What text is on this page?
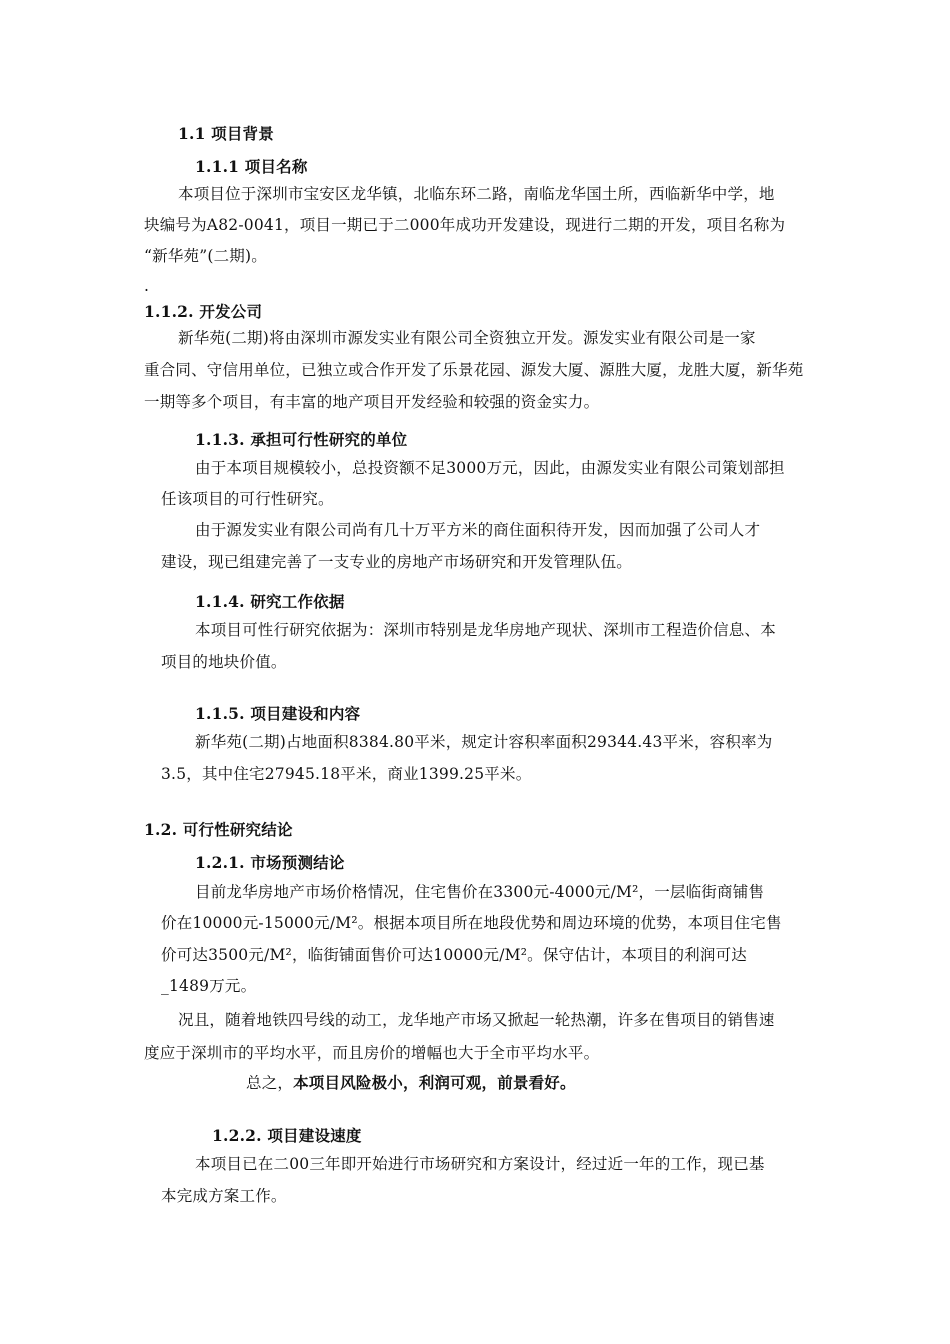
1.1 项目背景
1.1.1 项目名称
本项目位于深圳市宝安区龙华镇，北临东环二路，南临龙华国土所，西临新华中学，地
块编号为A82-0041，项目一期已于二000年成功开发建设，现进行二期的开发，项目名称为
“新华苑”(二期)。
.
1.1.2. 开发公司
新华苑(二期)将由深圳市源发实业有限公司全资独立开发。源发实业有限公司是一家
重合同、守信用单位，已独立或合作开发了乐景花园、源发大厦、源胜大厦，龙胜大厦，新华苑
一期等多个项目，有丰富的地产项目开发经验和较强的资金实力。
1.1.3. 承担可行性研究的单位
由于本项目规模较小，总投资额不足3000万元，因此，由源发实业有限公司策划部担
任该项目的可行性研究。
由于源发实业有限公司尚有几十万平方米的商住面积待开发，因而加强了公司人才
建设，现已组建完善了一支专业的房地产市场研究和开发管理队伍。
1.1.4. 研究工作依据
本项目可性行研究依据为：深圳市特别是龙华房地产现状、深圳市工程造价信息、本
项目的地块价值。
1.1.5. 项目建设和内容
新华苑(二期)占地面积8384.80平米，规定计容积率面积29344.43平米，容积率为
3.5，其中住宅27945.18平米，商业1399.25平米。
1.2. 可行性研究结论
1.2.1. 市场预测结论
目前龙华房地产市场价格情况，住宅售价在3300元-4000元/M²，一层临街商铺售
价在10000元-15000元/M²。根据本项目所在地段优势和周边环境的优势，本项目住宅售
价可达3500元/M²，临街铺面售价可达10000元/M²。保守估计，本项目的利润可达
_1489万元。
况且，随着地铁四号线的动工，龙华地产市场又掀起一轮热潮，许多在售项目的销售速
度应于深圳市的平均水平，而且房价的增幅也大于全市平均水平。
总之，本项目风险极小，利润可观，前景看好。
1.2.2. 项目建设速度
本项目已在二00三年即开始进行市场研究和方案设计，经过近一年的工作，现已基
本完成方案工作。
